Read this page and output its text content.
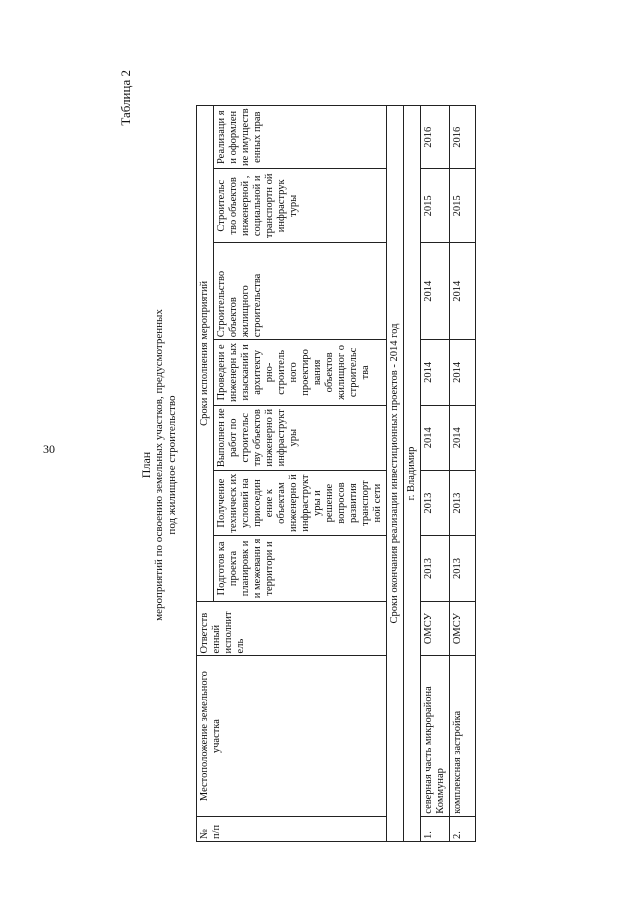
30
Таблица 2
План мероприятий по освоению земельных участков, предусмотренных под жилищное строительство
№ п/п	Местоположение земельного участка	Ответств енный исполнит ель	Сроки исполнения мероприятий						
			Подготов ка проекта планировк и и межевани я территори и	Получение техническ их условий на присоедин ение к объектам инженерно й инфраструктуры и решение вопросов развития транспорт ной сети	Выполнен ие работ по строительс тву объектов инженерно й инфраструктуры	Проведени е инженерн ых изысканий и архитекту рно- строитель ного проектиро вания объектов жилищног о строительс тва	Строительство объектов жилищного строительства	Строительс тво объектов инженерной , социальной и транспортн ой инфраструк туры	Реализаци я и оформлен ие имуществ енных прав
Сроки окончания реализации инвестиционных проектов - 2014 год									
г. Владимир									
1.	северная часть микрорайона Коммунар	ОМСУ	2013	2013	2014	2014	2014	2015	2016
2.	комплексная застройка	ОМСУ	2013	2013	2014	2014	2014	2015	2016
